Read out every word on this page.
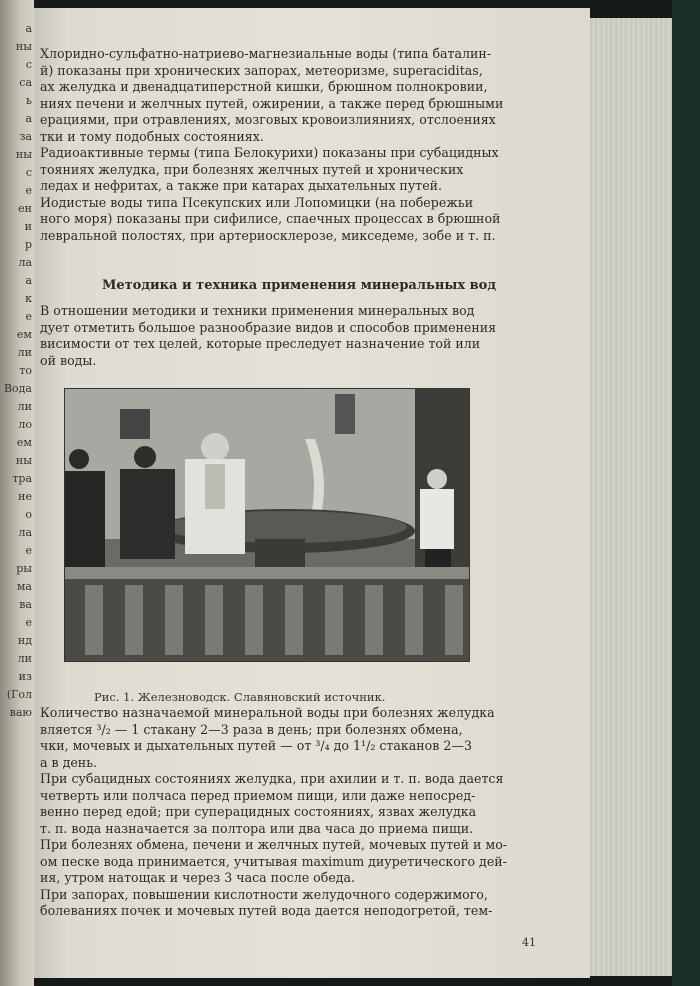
а
ны
с
са
ь
а
за
ны
с
е
ен
и
р
ла
а
к
е
ем
ли
то
Вода
ли
ло
ем
ны
тра
не
о
ла
е
ры
ма
ва
е
нд
ли
из
(Гол
ваю
Хлоридно-сульфатно-натриево-магнезиальные воды (типа баталин-
й) показаны при хронических запорах, метеоризме, superaciditas,
ах желудка и двенадцатиперстной кишки, брюшном полнокровии,
ниях печени и желчных путей, ожирении, а также перед брюшными
ерациями, при отравлениях, мозговых кровоизлияниях, отслоениях
тки и тому подобных состояниях.
Радиоактивные термы (типа Белокурихи) показаны при субацидных
тояниях желудка, при болезнях желчных путей и хронических
ледах и нефритах, а также при катарах дыхательных путей.
Иодистые воды типа Псекупских или Лопомицки (на побережьи
ного моря) показаны при сифилисе, спаечных процессах в брюшной
левральной полостях, при артериосклерозе, микседеме, зобе и т. п.

Методика и техника применения минеральных вод

В отношении методики и техники применения минеральных вод
дует отметить большое разнообразие видов и способов применения
висимости от тех целей, которые преследует назначение той или
ой воды.

Рис. 1. Железноводск. Славяновский источник.

Количество назначаемой минеральной воды при болезнях желудка
вляется ³/₂ — 1 стакану 2—3 раза в день; при болезнях обмена,
чки, мочевых и дыхательных путей — от ³/₄ до 1¹/₂ стаканов 2—3
а в день.
При субацидных состояниях желудка, при ахилии и т. п. вода дается
четверть или полчаса перед приемом пищи, или даже непосред-
венно перед едой; при суперацидных состояниях, язвах желудка
т. п. вода назначается за полтора или два часа до приема пищи.
При болезнях обмена, печени и желчных путей, мочевых путей и мо-
ом песке вода принимается, учитывая maximum диуретического дей-
ия, утром натощак и через 3 часа после обеда.
При запорах, повышении кислотности желудочного содержимого,
болеваниях почек и мочевых путей вода дается неподогретой, тем-
41
